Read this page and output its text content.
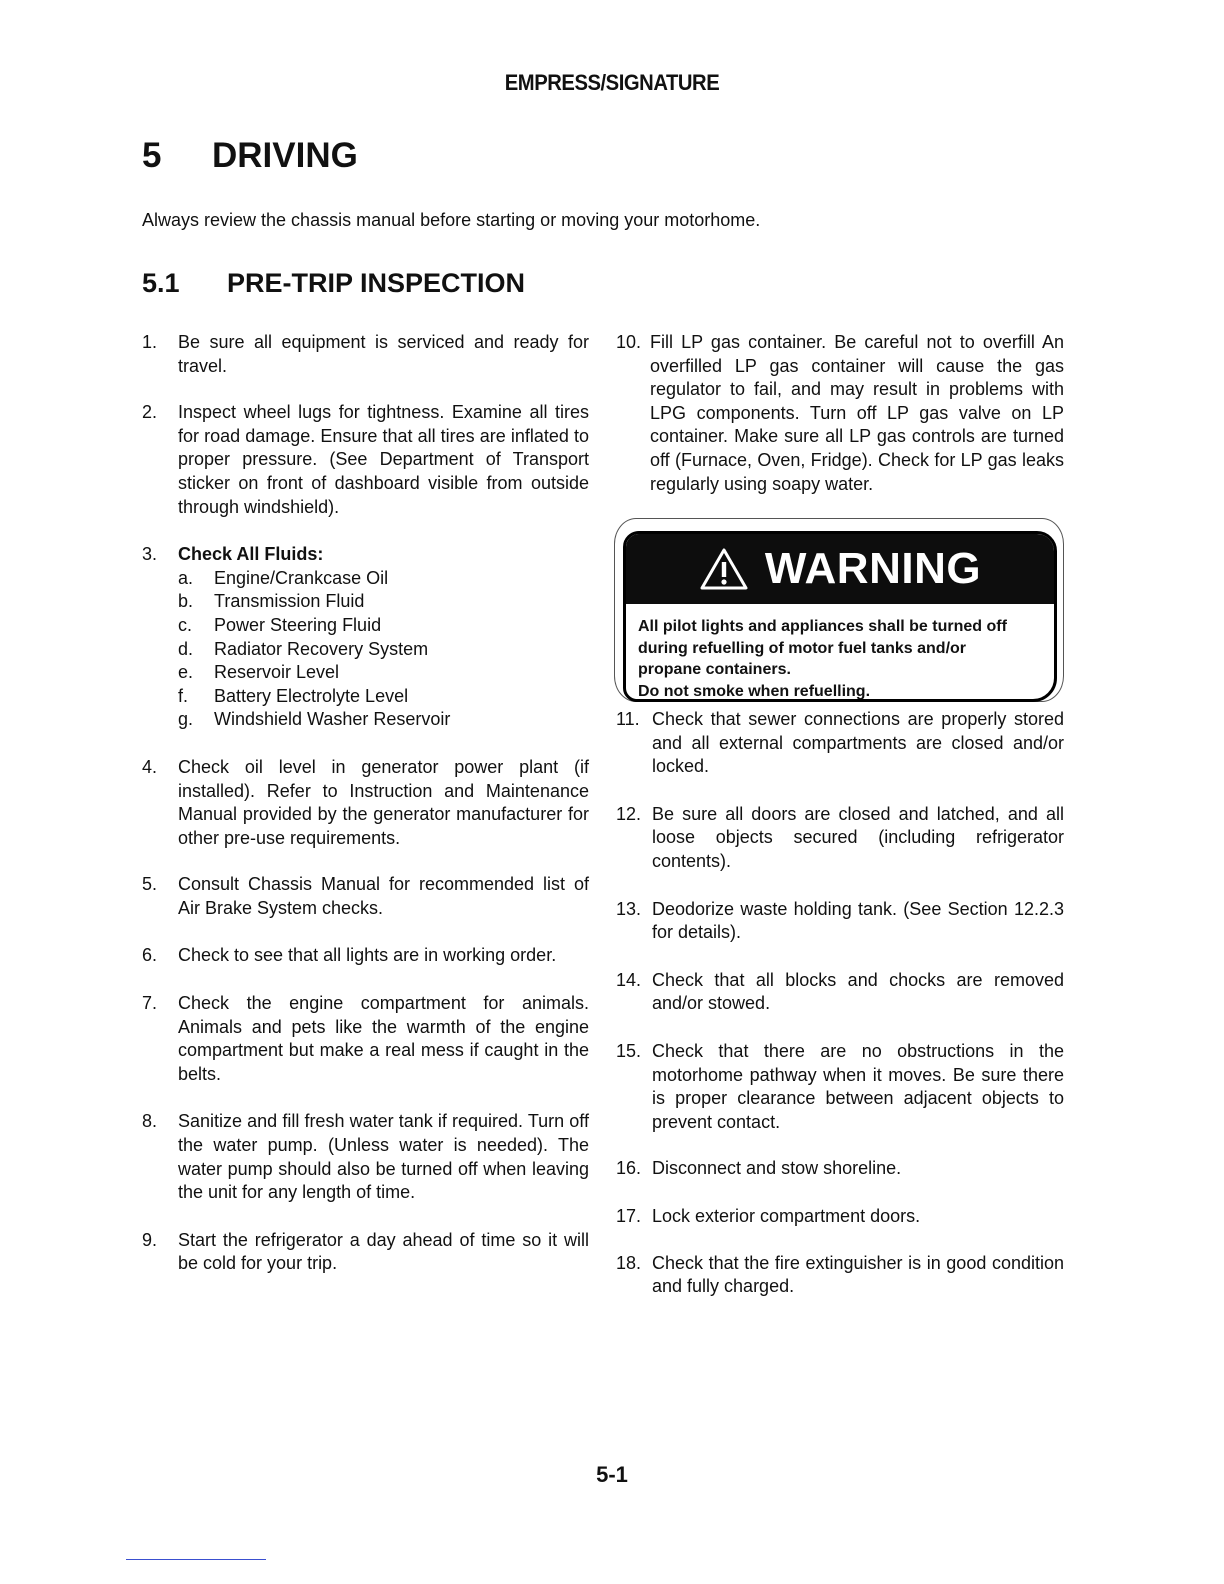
EMPRESS/SIGNATURE
5 DRIVING

Always review the chassis manual before starting or moving your motorhome.

5.1 PRE-TRIP INSPECTION
1. Be sure all equipment is serviced and ready for travel.
2. Inspect wheel lugs for tightness. Examine all tires for road damage. Ensure that all tires are inflated to proper pressure. (See Department of Transport sticker on front of dashboard visible from outside through windshield).
3. Check All Fluids:
a. Engine/Crankcase Oil
b. Transmission Fluid
c. Power Steering Fluid
d. Radiator Recovery System
e. Reservoir Level
f. Battery Electrolyte Level
g. Windshield Washer Reservoir
4. Check oil level in generator power plant (if installed). Refer to Instruction and Maintenance Manual provided by the generator manufacturer for other pre-use requirements.
5. Consult Chassis Manual for recommended list of Air Brake System checks.
6. Check to see that all lights are in working order.
7. Check the engine compartment for animals. Animals and pets like the warmth of the engine compartment but make a real mess if caught in the belts.
8. Sanitize and fill fresh water tank if required. Turn off the water pump. (Unless water is needed). The water pump should also be turned off when leaving the unit for any length of time.
9. Start the refrigerator a day ahead of time so it will be cold for your trip.
10. Fill LP gas container. Be careful not to overfill An overfilled LP gas container will cause the gas regulator to fail, and may result in problems with LPG components. Turn off LP gas valve on LP container. Make sure all LP gas controls are turned off (Furnace, Oven, Fridge). Check for LP gas leaks regularly using soapy water.
WARNING
All pilot lights and appliances shall be turned off
during refuelling of motor fuel tanks and/or
propane containers.
Do not smoke when refuelling.
11. Check that sewer connections are properly stored and all external compartments are closed and/or locked.
12. Be sure all doors are closed and latched, and all loose objects secured (including refrigerator contents).
13. Deodorize waste holding tank. (See Section 12.2.3 for details).
14. Check that all blocks and chocks are removed and/or stowed.
15. Check that there are no obstructions in the motorhome pathway when it moves. Be sure there is proper clearance between adjacent objects to prevent contact.
16. Disconnect and stow shoreline.
17. Lock exterior compartment doors.
18. Check that the fire extinguisher is in good condition and fully charged.
5-1
